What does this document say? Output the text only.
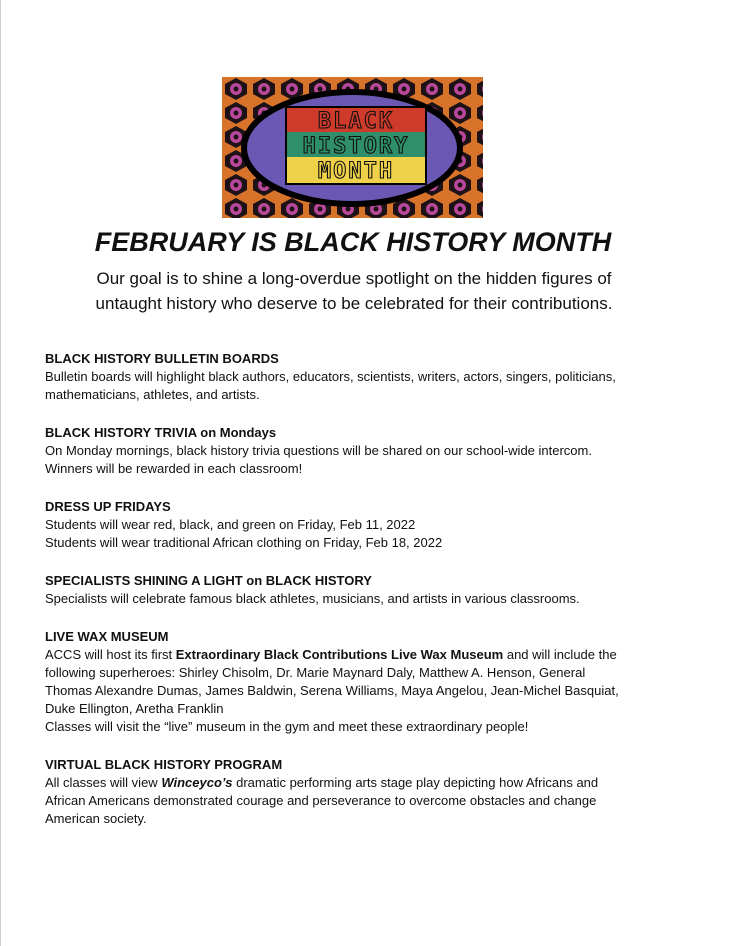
BLACK
HISTORY
MONTH
FEBRUARY IS BLACK HISTORY MONTH
Our goal is to shine a long-overdue spotlight on the hidden figures of
untaught history who deserve to be celebrated for their contributions.
BLACK HISTORY BULLETIN BOARDS

Bulletin boards will highlight black authors, educators, scientists, writers, actors, singers, politicians,

mathematicians, athletes, and artists.

BLACK HISTORY TRIVIA on Mondays

On Monday mornings, black history trivia questions will be shared on our school-wide intercom.

Winners will be rewarded in each classroom!

DRESS UP FRIDAYS

Students will wear red, black, and green on Friday, Feb 11, 2022

Students will wear traditional African clothing on Friday, Feb 18, 2022

SPECIALISTS SHINING A LIGHT on BLACK HISTORY

Specialists will celebrate famous black athletes, musicians, and artists in various classrooms.

LIVE WAX MUSEUM

ACCS will host its first Extraordinary Black Contributions Live Wax Museum and will include the

following superheroes: Shirley Chisolm, Dr. Marie Maynard Daly, Matthew A. Henson, General

Thomas Alexandre Dumas, James Baldwin, Serena Williams, Maya Angelou, Jean-Michel Basquiat,

Duke Ellington, Aretha Franklin

Classes will visit the “live” museum in the gym and meet these extraordinary people!

VIRTUAL BLACK HISTORY PROGRAM

All classes will view Winceyco’s dramatic performing arts stage play depicting how Africans and

African Americans demonstrated courage and perseverance to overcome obstacles and change

American society.
